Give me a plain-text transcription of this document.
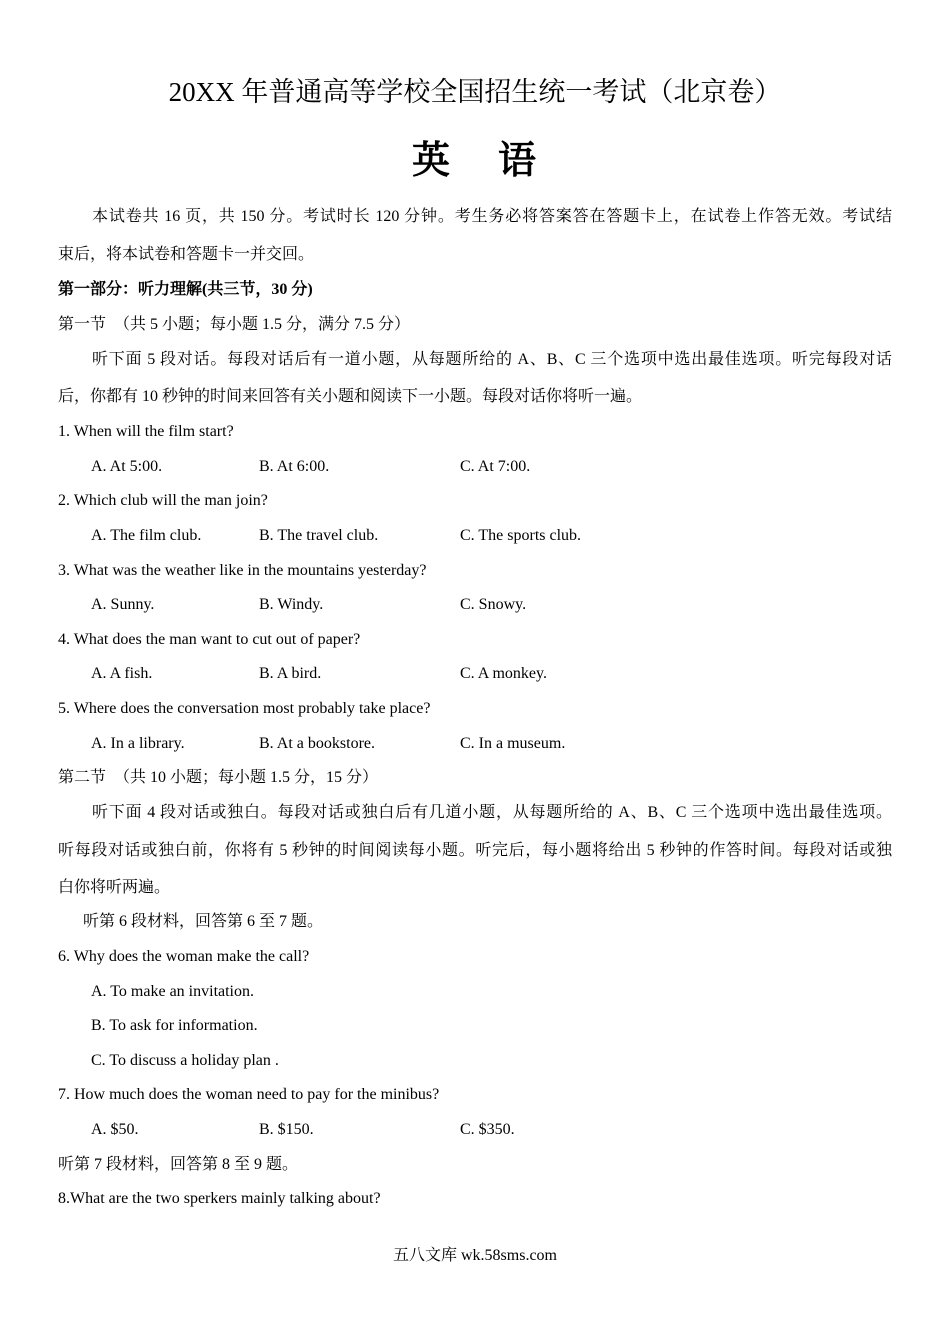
20XX 年普通高等学校全国招生统一考试（北京卷）
英    语
本试卷共 16 页，共 150 分。考试时长 120 分钟。考生务必将答案答在答题卡上，在试卷上作答无效。考试结
束后，将本试卷和答题卡一并交回。
第一部分：听力理解(共三节，30 分)
第一节　（共 5 小题；每小题 1.5 分，满分 7.5 分）
听下面 5 段对话。每段对话后有一道小题，从每题所给的 A、B、C 三个选项中选出最佳选项。听完每段对话
后，你都有 10 秒钟的时间来回答有关小题和阅读下一小题。每段对话你将听一遍。
1. When will the film start?
A. At 5:00.	B. At 6:00.	C. At 7:00.
2. Which club will the man join?
A. The film club.	B. The travel club.	C. The sports club.
3. What was the weather like in the mountains yesterday?
A. Sunny.	B. Windy.	C. Snowy.
4. What does the man want to cut out of paper?
A. A fish.	B. A bird.	C. A monkey.
5. Where does the conversation most probably take place?
A. In a library.	B. At a bookstore.	C. In a museum.
第二节　（共 10 小题；每小题 1.5 分，15 分）
听下面 4 段对话或独白。每段对话或独白后有几道小题，从每题所给的 A、B、C 三个选项中选出最佳选项。
听每段对话或独白前，你将有 5 秒钟的时间阅读每小题。听完后，每小题将给出 5 秒钟的作答时间。每段对话或独
白你将听两遍。
听第 6 段材料，回答第 6 至 7 题。
6. Why does the woman make the call?
A. To make an invitation.
B. To ask for information.
C. To discuss a holiday plan .
7. How much does the woman need to pay for the minibus?
A. $50.	B. $150.	C. $350.
听第 7 段材料，回答第 8 至 9 题。
8.What are the two sperkers mainly talking about?
五八文库 wk.58sms.com
